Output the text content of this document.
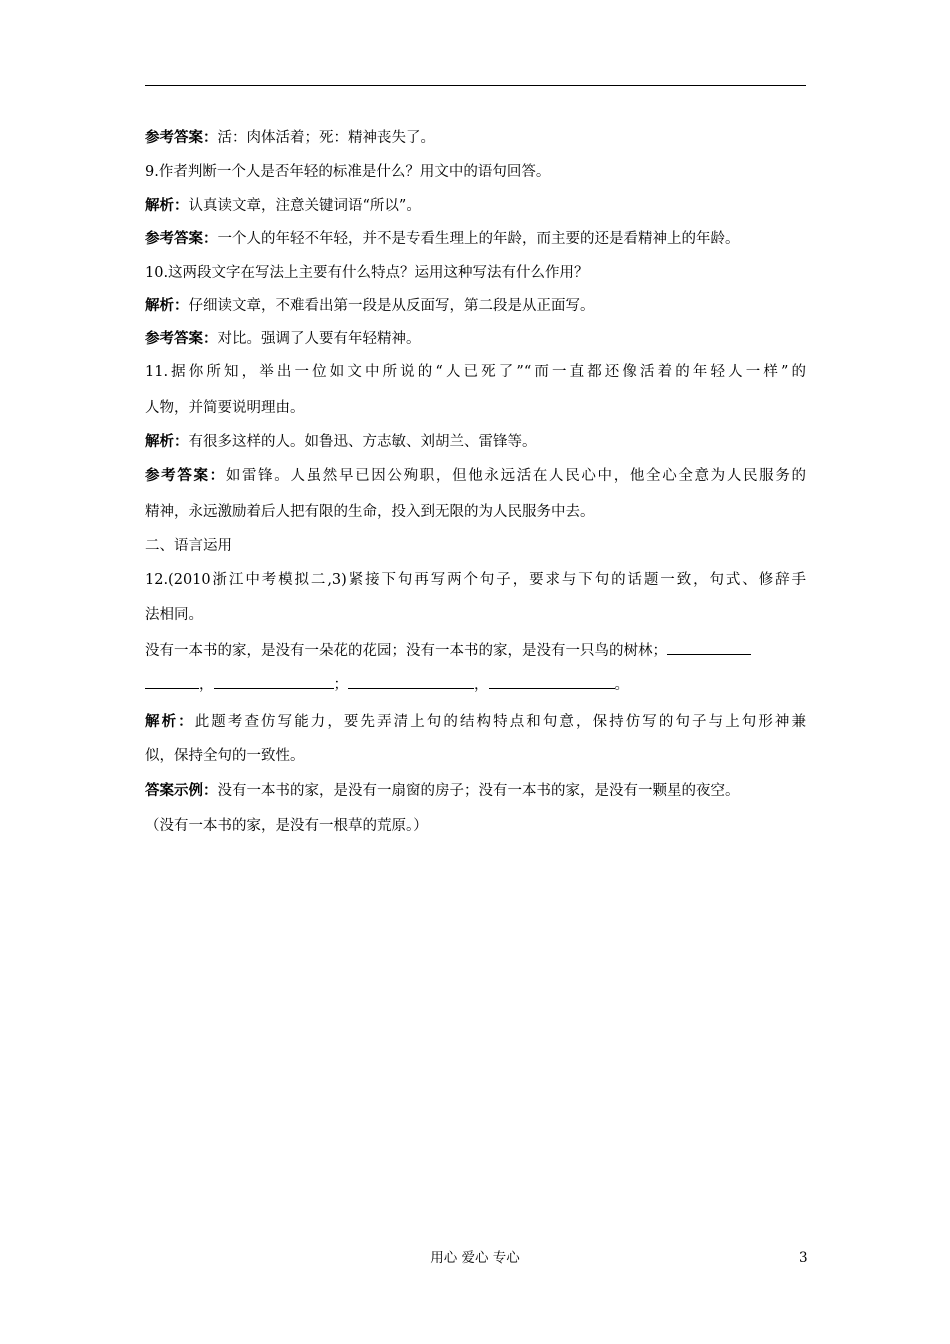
参考答案：活：肉体活着；死：精神丧失了。
9.作者判断一个人是否年轻的标准是什么？用文中的语句回答。
解析：认真读文章，注意关键词语“所以”。
参考答案：一个人的年轻不年轻，并不是专看生理上的年龄，而主要的还是看精神上的年龄。
10.这两段文字在写法上主要有什么特点？运用这种写法有什么作用？
解析：仔细读文章，不难看出第一段是从反面写，第二段是从正面写。
参考答案：对比。强调了人要有年轻精神。
11.据你所知，举出一位如文中所说的“人已死了”“而一直都还像活着的年轻人一样”的
人物，并简要说明理由。
解析：有很多这样的人。如鲁迅、方志敏、刘胡兰、雷锋等。
参考答案：如雷锋。人虽然早已因公殉职，但他永远活在人民心中，他全心全意为人民服务的
精神，永远激励着后人把有限的生命，投入到无限的为人民服务中去。
二、语言运用
12.(2010浙江中考模拟二,3)紧接下句再写两个句子，要求与下句的话题一致，句式、修辞手
法相同。
没有一本书的家，是没有一朵花的花园；没有一本书的家，是没有一只鸟的树林；
，	；	，	。
解析：此题考查仿写能力，要先弄清上句的结构特点和句意，保持仿写的句子与上句形神兼
似，保持全句的一致性。
答案示例：没有一本书的家，是没有一扇窗的房子；没有一本书的家，是没有一颗星的夜空。
（没有一本书的家，是没有一根草的荒原。）
用心 爱心 专心	3
